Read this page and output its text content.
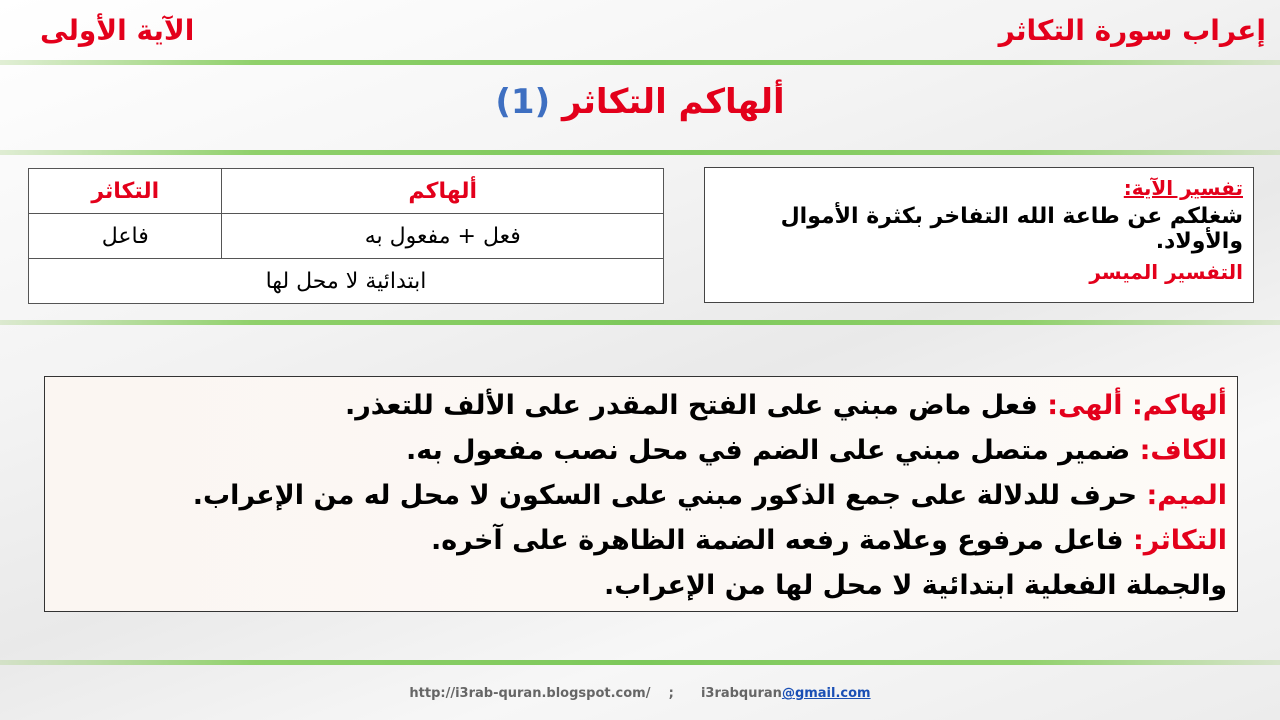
إعراب سورة التكاثر
الآية الأولى
ألهاكم التكاثر (1)
ألهاكم	التكاثر
فعل + مفعول به	فاعل
ابتدائية لا محل لها	
تفسير الآية:
شغلكم عن طاعة الله التفاخر بكثرة الأموال والأولاد.
التفسير الميسر
ألهاكم: ألهى: فعل ماض مبني على الفتح المقدر على الألف للتعذر.
الكاف: ضمير متصل مبني على الضم في محل نصب مفعول به.
الميم: حرف للدلالة على جمع الذكور مبني على السكون لا محل له من الإعراب.
التكاثر: فاعل مرفوع وعلامة رفعه الضمة الظاهرة على آخره.
والجملة الفعلية ابتدائية لا محل لها من الإعراب.
http://i3rab-quran.blogspot.com/ ; i3rabquran@gmail.com
